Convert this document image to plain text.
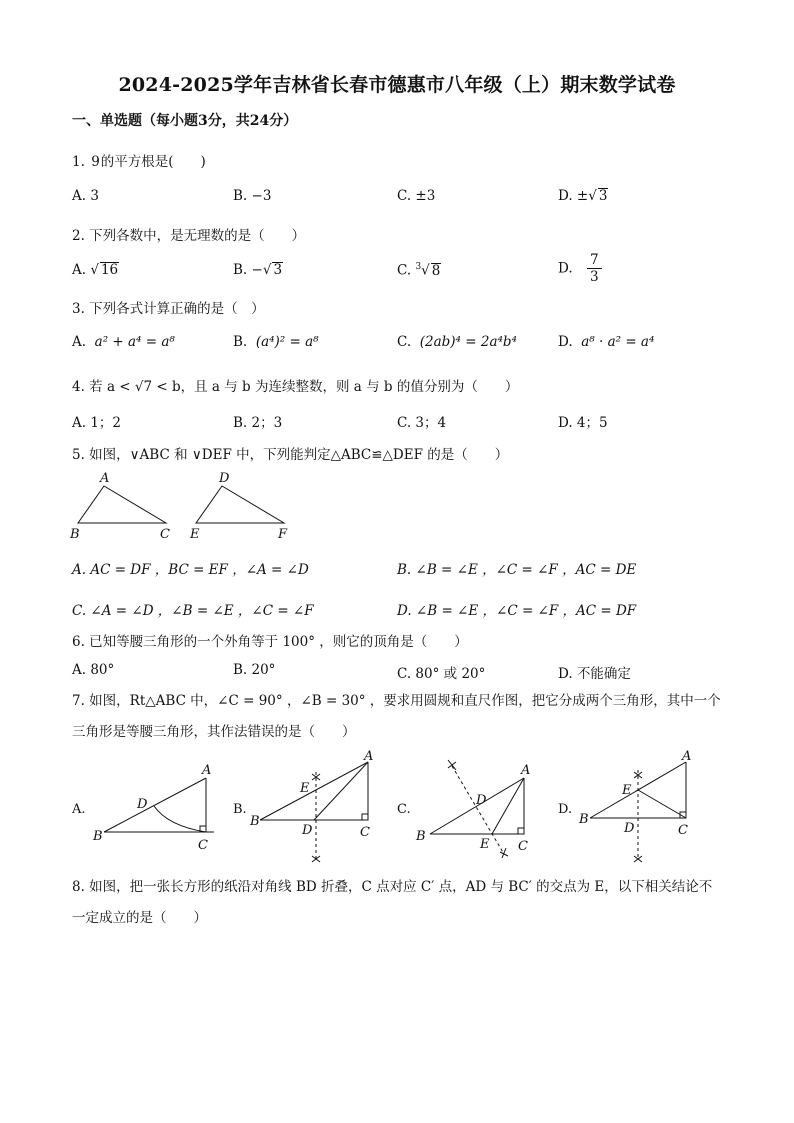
2024-2025学年吉林省长春市德惠市八年级（上）期末数学试卷
一、单选题（每小题3分，共24分）
1. 9的平方根是(　　)
A. 3	B. −3	C. ±3	D. ±√ 3
2. 下列各数中，是无理数的是（　　）
A. √ 16	B. −√ 3	C. $^3$√ 8	D. $\frac{7}{3}$
3. 下列各式计算正确的是（　）
A. a² + a⁴ = a⁸	B. (a⁴)² = a⁸	C. (2ab)⁴ = 2a⁴b⁴	D. a⁸ · a² = a⁴
4. 若 a < √7 < b，且 a 与 b 为连续整数，则 a 与 b 的值分别为（　　）
A. 1；2	B. 2；3	C. 3；4	D. 4；5
5. 如图，∨ABC 和 ∨DEF 中，下列能判定△ABC≌△DEF 的是（　　）
A
B	C
D
E	F
A. AC = DF ，BC = EF ，∠A = ∠D	B. ∠B = ∠E ，∠C = ∠F ，AC = DE
C. ∠A = ∠D ，∠B = ∠E ，∠C = ∠F	D. ∠B = ∠E ，∠C = ∠F ，AC = DF
6. 已知等腰三角形的一个外角等于 100° ，则它的顶角是（　　）
A. 80°	B. 20°	C. 80° 或 20°	D. 不能确定
7. 如图，Rt△ABC 中，∠C = 90° ，∠B = 30° ，要求用圆规和直尺作图，把它分成两个三角形，其中一个三角形是等腰三角形，其作法错误的是（　　）
A.
A
B
C
D	B.
A
B
C
D
E
C.
A
B
C
D
E
D.
A
B
C
D
E
8. 如图，把一张长方形的纸沿对角线 BD 折叠，C 点对应 C′ 点，AD 与 BC′ 的交点为 E，以下相关结论不一定成立的是（　　）
